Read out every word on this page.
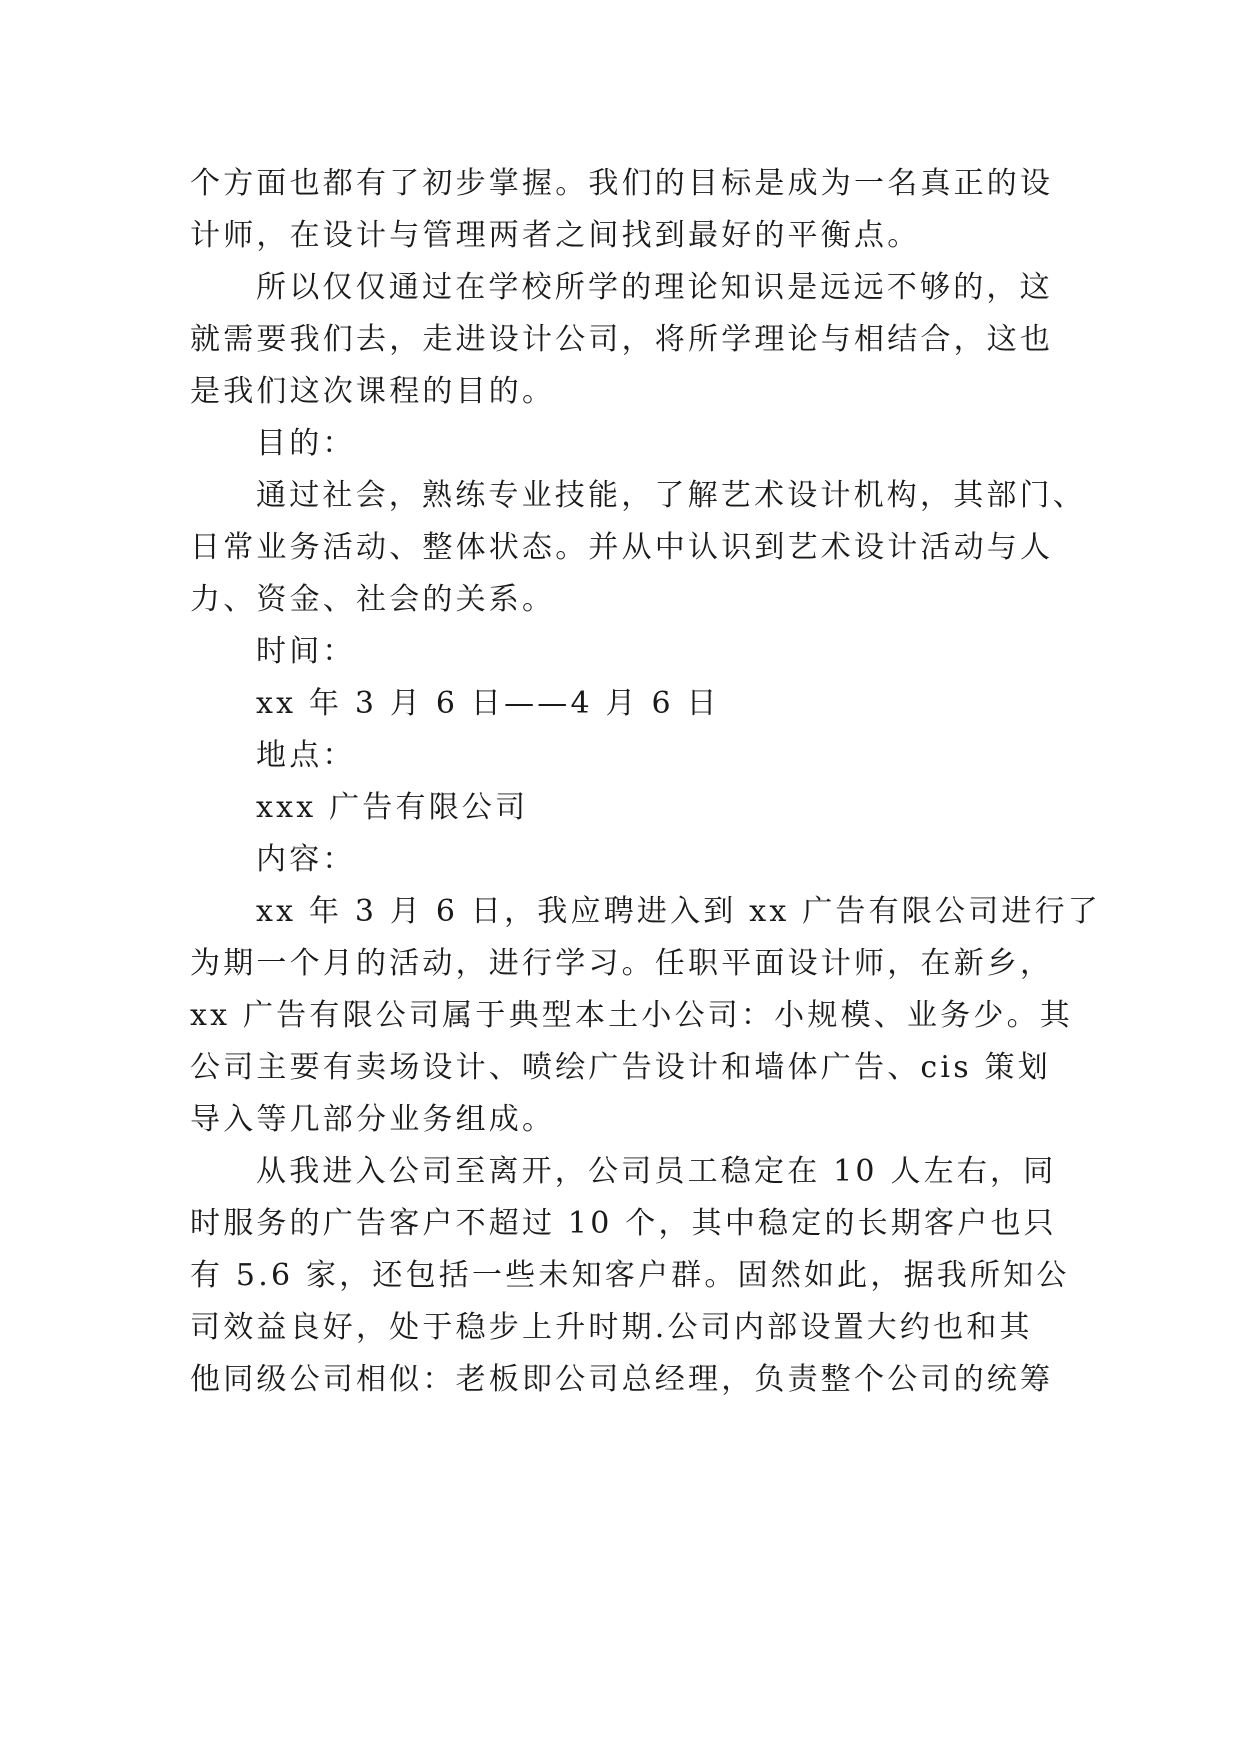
个方面也都有了初步掌握。我们的目标是成为一名真正的设
计师，在设计与管理两者之间找到最好的平衡点。
所以仅仅通过在学校所学的理论知识是远远不够的，这
就需要我们去，走进设计公司，将所学理论与相结合，这也
是我们这次课程的目的。
目的：
通过社会，熟练专业技能，了解艺术设计机构，其部门、
日常业务活动、整体状态。并从中认识到艺术设计活动与人
力、资金、社会的关系。
时间：
xx 年 3 月 6 日——4 月 6 日
地点：
xxx 广告有限公司
内容：
xx 年 3 月 6 日，我应聘进入到 xx 广告有限公司进行了
为期一个月的活动，进行学习。任职平面设计师，在新乡，
xx 广告有限公司属于典型本土小公司：小规模、业务少。其
公司主要有卖场设计、喷绘广告设计和墙体广告、cis 策划
导入等几部分业务组成。
从我进入公司至离开，公司员工稳定在 10 人左右，同
时服务的广告客户不超过 10 个，其中稳定的长期客户也只
有 5.6 家，还包括一些未知客户群。固然如此，据我所知公
司效益良好，处于稳步上升时期.公司内部设置大约也和其
他同级公司相似：老板即公司总经理，负责整个公司的统筹
